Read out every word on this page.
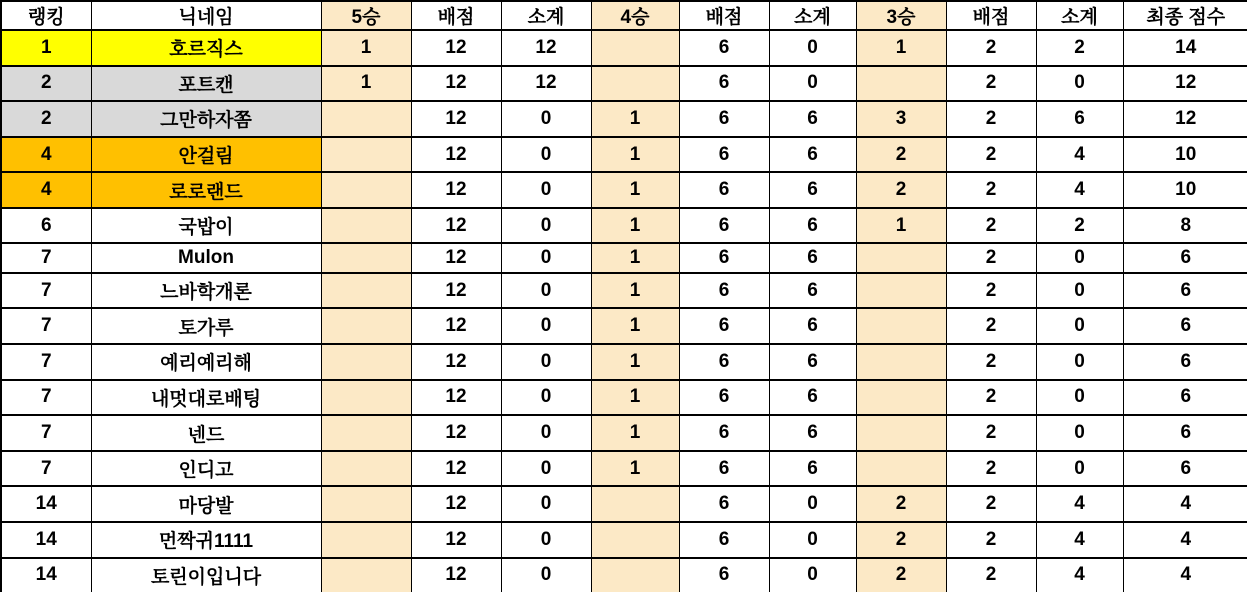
랭킹	닉네임	5승	배점	소계	4승	배점	소계	3승	배점	소계	최종 점수
1	호르직스	1	12	12		6	0	1	2	2	14
2	포트캔	1	12	12		6	0		2	0	12
2	그만하자쫌		12	0	1	6	6	3	2	6	12
4	안걸림		12	0	1	6	6	2	2	4	10
4	로로랜드		12	0	1	6	6	2	2	4	10
6	국밥이		12	0	1	6	6	1	2	2	8
7	Mulon		12	0	1	6	6		2	0	6
7	느바학개론		12	0	1	6	6		2	0	6
7	토가루		12	0	1	6	6		2	0	6
7	예리예리해		12	0	1	6	6		2	0	6
7	내멋대로배팅		12	0	1	6	6		2	0	6
7	넨드		12	0	1	6	6		2	0	6
7	인디고		12	0	1	6	6		2	0	6
14	마당발		12	0		6	0	2	2	4	4
14	먼짝귀1111		12	0		6	0	2	2	4	4
14	토린이입니다		12	0		6	0	2	2	4	4
